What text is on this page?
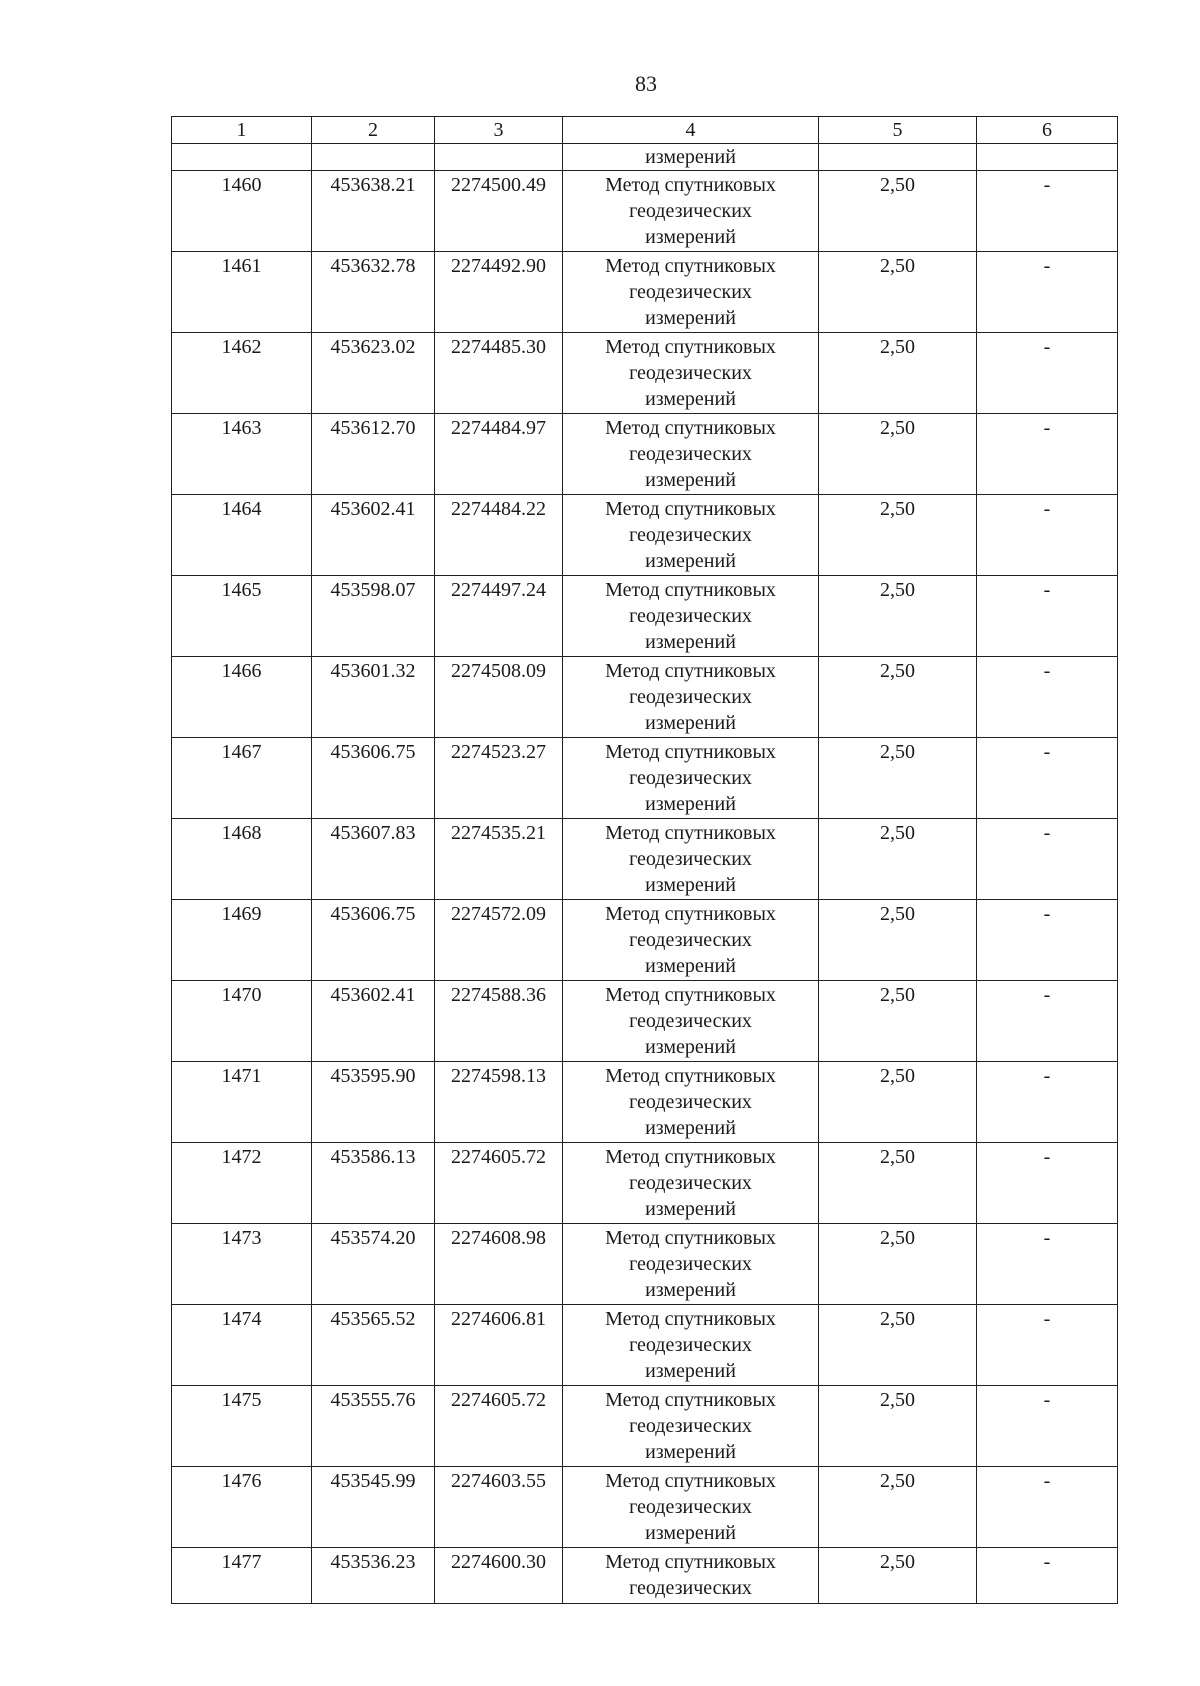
83
1	2	3	4	5	6
			измерений		
1460	453638.21	2274500.49	Метод спутниковых
геодезических
измерений	2,50	-
1461	453632.78	2274492.90	Метод спутниковых
геодезических
измерений	2,50	-
1462	453623.02	2274485.30	Метод спутниковых
геодезических
измерений	2,50	-
1463	453612.70	2274484.97	Метод спутниковых
геодезических
измерений	2,50	-
1464	453602.41	2274484.22	Метод спутниковых
геодезических
измерений	2,50	-
1465	453598.07	2274497.24	Метод спутниковых
геодезических
измерений	2,50	-
1466	453601.32	2274508.09	Метод спутниковых
геодезических
измерений	2,50	-
1467	453606.75	2274523.27	Метод спутниковых
геодезических
измерений	2,50	-
1468	453607.83	2274535.21	Метод спутниковых
геодезических
измерений	2,50	-
1469	453606.75	2274572.09	Метод спутниковых
геодезических
измерений	2,50	-
1470	453602.41	2274588.36	Метод спутниковых
геодезических
измерений	2,50	-
1471	453595.90	2274598.13	Метод спутниковых
геодезических
измерений	2,50	-
1472	453586.13	2274605.72	Метод спутниковых
геодезических
измерений	2,50	-
1473	453574.20	2274608.98	Метод спутниковых
геодезических
измерений	2,50	-
1474	453565.52	2274606.81	Метод спутниковых
геодезических
измерений	2,50	-
1475	453555.76	2274605.72	Метод спутниковых
геодезических
измерений	2,50	-
1476	453545.99	2274603.55	Метод спутниковых
геодезических
измерений	2,50	-
1477	453536.23	2274600.30	Метод спутниковых
геодезических	2,50	-
